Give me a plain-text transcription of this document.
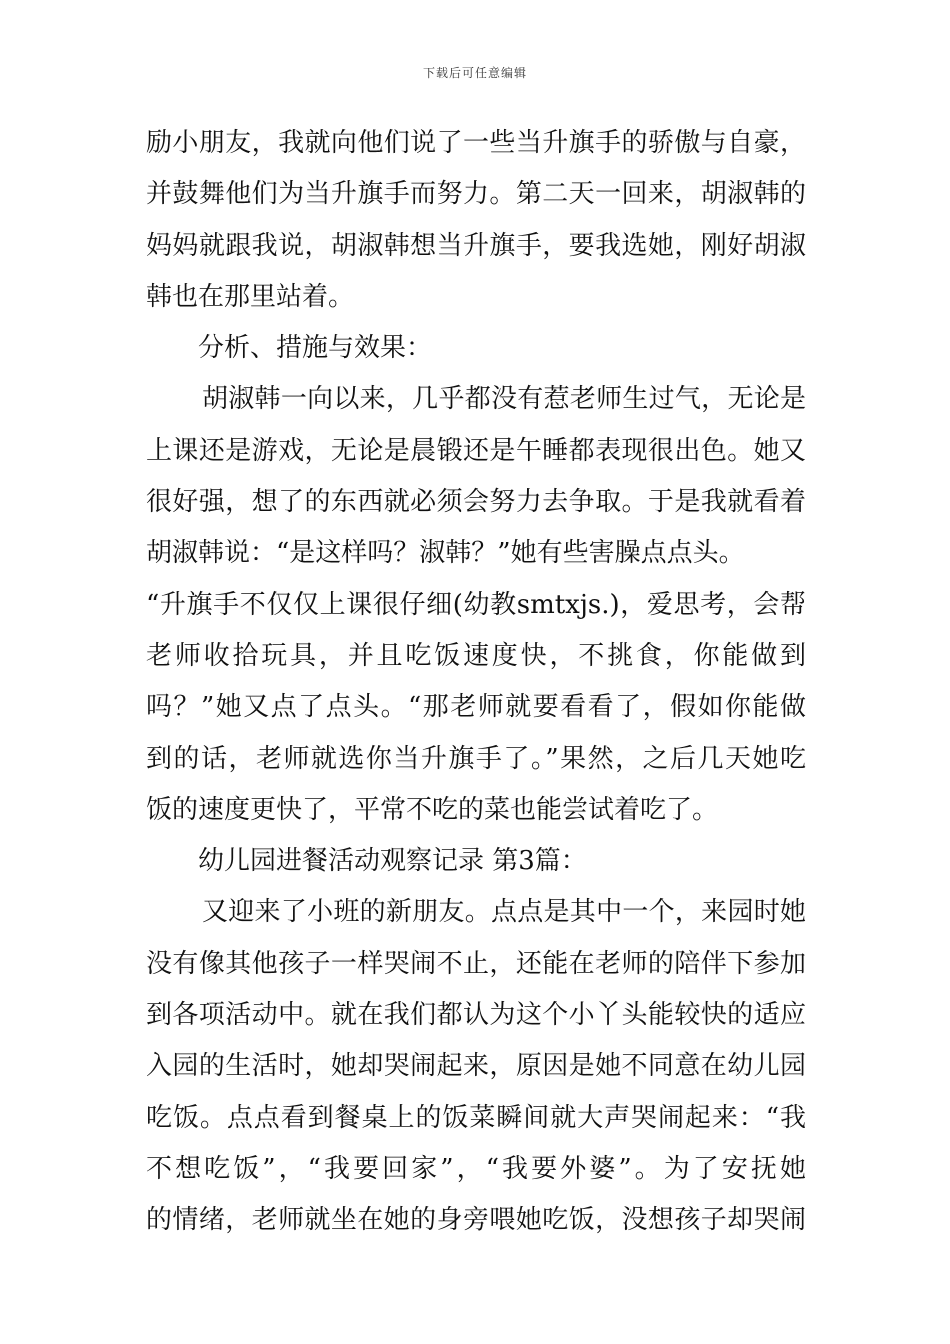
下载后可任意编辑
励小朋友，我就向他们说了一些当升旗手的骄傲与自豪，
并鼓舞他们为当升旗手而努力。第二天一回来，胡淑韩的
妈妈就跟我说，胡淑韩想当升旗手，要我选她，刚好胡淑
韩也在那里站着。
分析、措施与效果：
胡淑韩一向以来，几乎都没有惹老师生过气，无论是
上课还是游戏，无论是晨锻还是午睡都表现很出色。她又
很好强，想了的东西就必须会努力去争取。于是我就看着
胡淑韩说：“是这样吗？淑韩？”她有些害臊点点头。
“升旗手不仅仅上课很仔细(幼教smtxjs.)，爱思考，会帮
老师收拾玩具，并且吃饭速度快，不挑食，你能做到
吗？”她又点了点头。“那老师就要看看了，假如你能做
到的话，老师就选你当升旗手了。”果然，之后几天她吃
饭的速度更快了，平常不吃的菜也能尝试着吃了。
幼儿园进餐活动观察记录 第3篇：
又迎来了小班的新朋友。点点是其中一个，来园时她
没有像其他孩子一样哭闹不止，还能在老师的陪伴下参加
到各项活动中。就在我们都认为这个小丫头能较快的适应
入园的生活时，她却哭闹起来，原因是她不同意在幼儿园
吃饭。点点看到餐桌上的饭菜瞬间就大声哭闹起来：“我
不想吃饭”，“我要回家”，“我要外婆”。为了安抚她
的情绪，老师就坐在她的身旁喂她吃饭，没想孩子却哭闹
